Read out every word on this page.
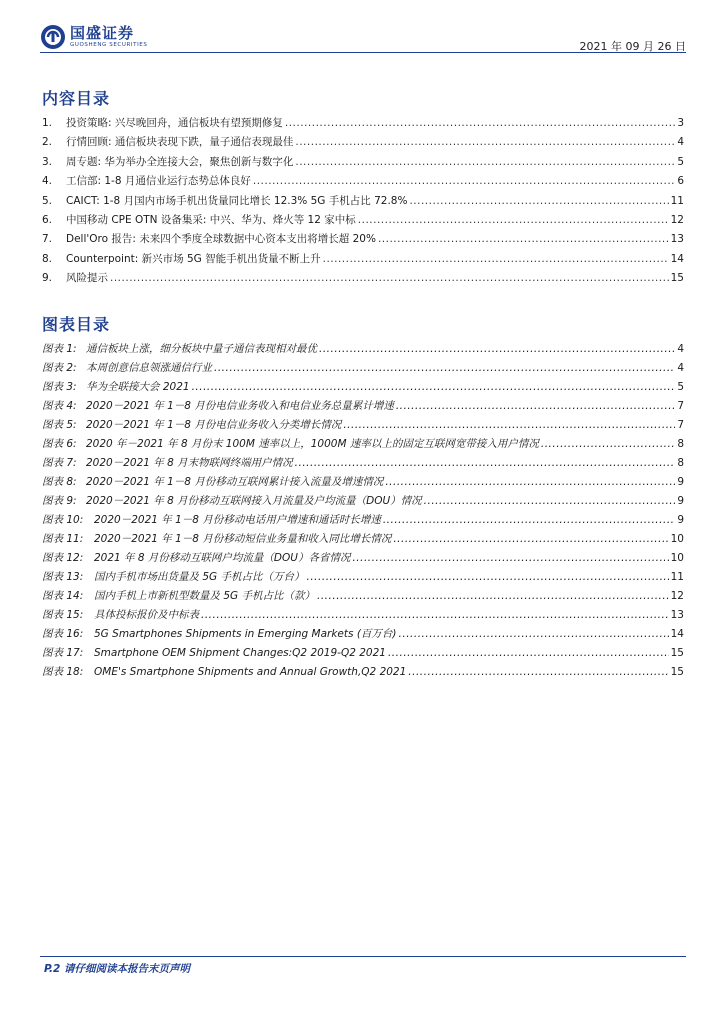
国盛证券
GUOSHENG SECURITIES	2021 年 09 月 26 日
内容目录
1.	投资策略: 兴尽晚回舟，通信板块有望预期修复 .....	3
2.	行情回顾: 通信板块表现下跌，量子通信表现最佳 .....	4
3.	周专题: 华为举办全连接大会，聚焦创新与数字化 .....	5
4.	工信部: 1-8 月通信业运行态势总体良好 .....	6
5.	CAICT: 1-8 月国内市场手机出货量同比增长 12.3% 5G 手机占比 72.8% .....	11
6.	中国移动 CPE OTN 设备集采: 中兴、华为、烽火等 12 家中标 .....	12
7.	Dell'Oro 报告: 未来四个季度全球数据中心资本支出将增长超 20% .....	13
8.	Counterpoint: 新兴市场 5G 智能手机出货量不断上升 .....	14
9.	风险提示 .....	15
图表目录
图表 1: 通信板块上涨，细分板块中量子通信表现相对最优 .....	4
图表 2: 本周创意信息领涨通信行业 .....	4
图表 3: 华为全联接大会 2021 .....	5
图表 4: 2020－2021 年 1－8 月份电信业务收入和电信业务总量累计增速 .....	7
图表 5: 2020－2021 年 1－8 月份电信业务收入分类增长情况 .....	7
图表 6: 2020 年－2021 年 8 月份末 100M 速率以上，1000M 速率以上的固定互联网宽带接入用户情况 .....	8
图表 7: 2020－2021 年 8 月末物联网终端用户情况 .....	8
图表 8: 2020－2021 年 1－8 月份移动互联网累计接入流量及增速情况 .....	9
图表 9: 2020－2021 年 8 月份移动互联网接入月流量及户均流量（DOU）情况 .....	9
图表 10:	2020－2021 年 1－8 月份移动电话用户增速和通话时长增速 .....	9
图表 11:	2020－2021 年 1－8 月份移动短信业务量和收入同比增长情况 .....	10
图表 12:	2021 年 8 月份移动互联网户均流量（DOU）各省情况 .....	10
图表 13:	国内手机市场出货量及 5G 手机占比（万台） .....	11
图表 14:	国内手机上市新机型数量及 5G 手机占比（款） .....	12
图表 15:	具体投标报价及中标表 .....	13
图表 16:	5G Smartphones Shipments in Emerging Markets (百万台) .....	14
图表 17:	Smartphone OEM Shipment Changes:Q2 2019-Q2 2021 .....	15
图表 18:	OME's Smartphone Shipments and Annual Growth,Q2 2021 .....	15
P.2 请仔细阅读本报告末页声明
